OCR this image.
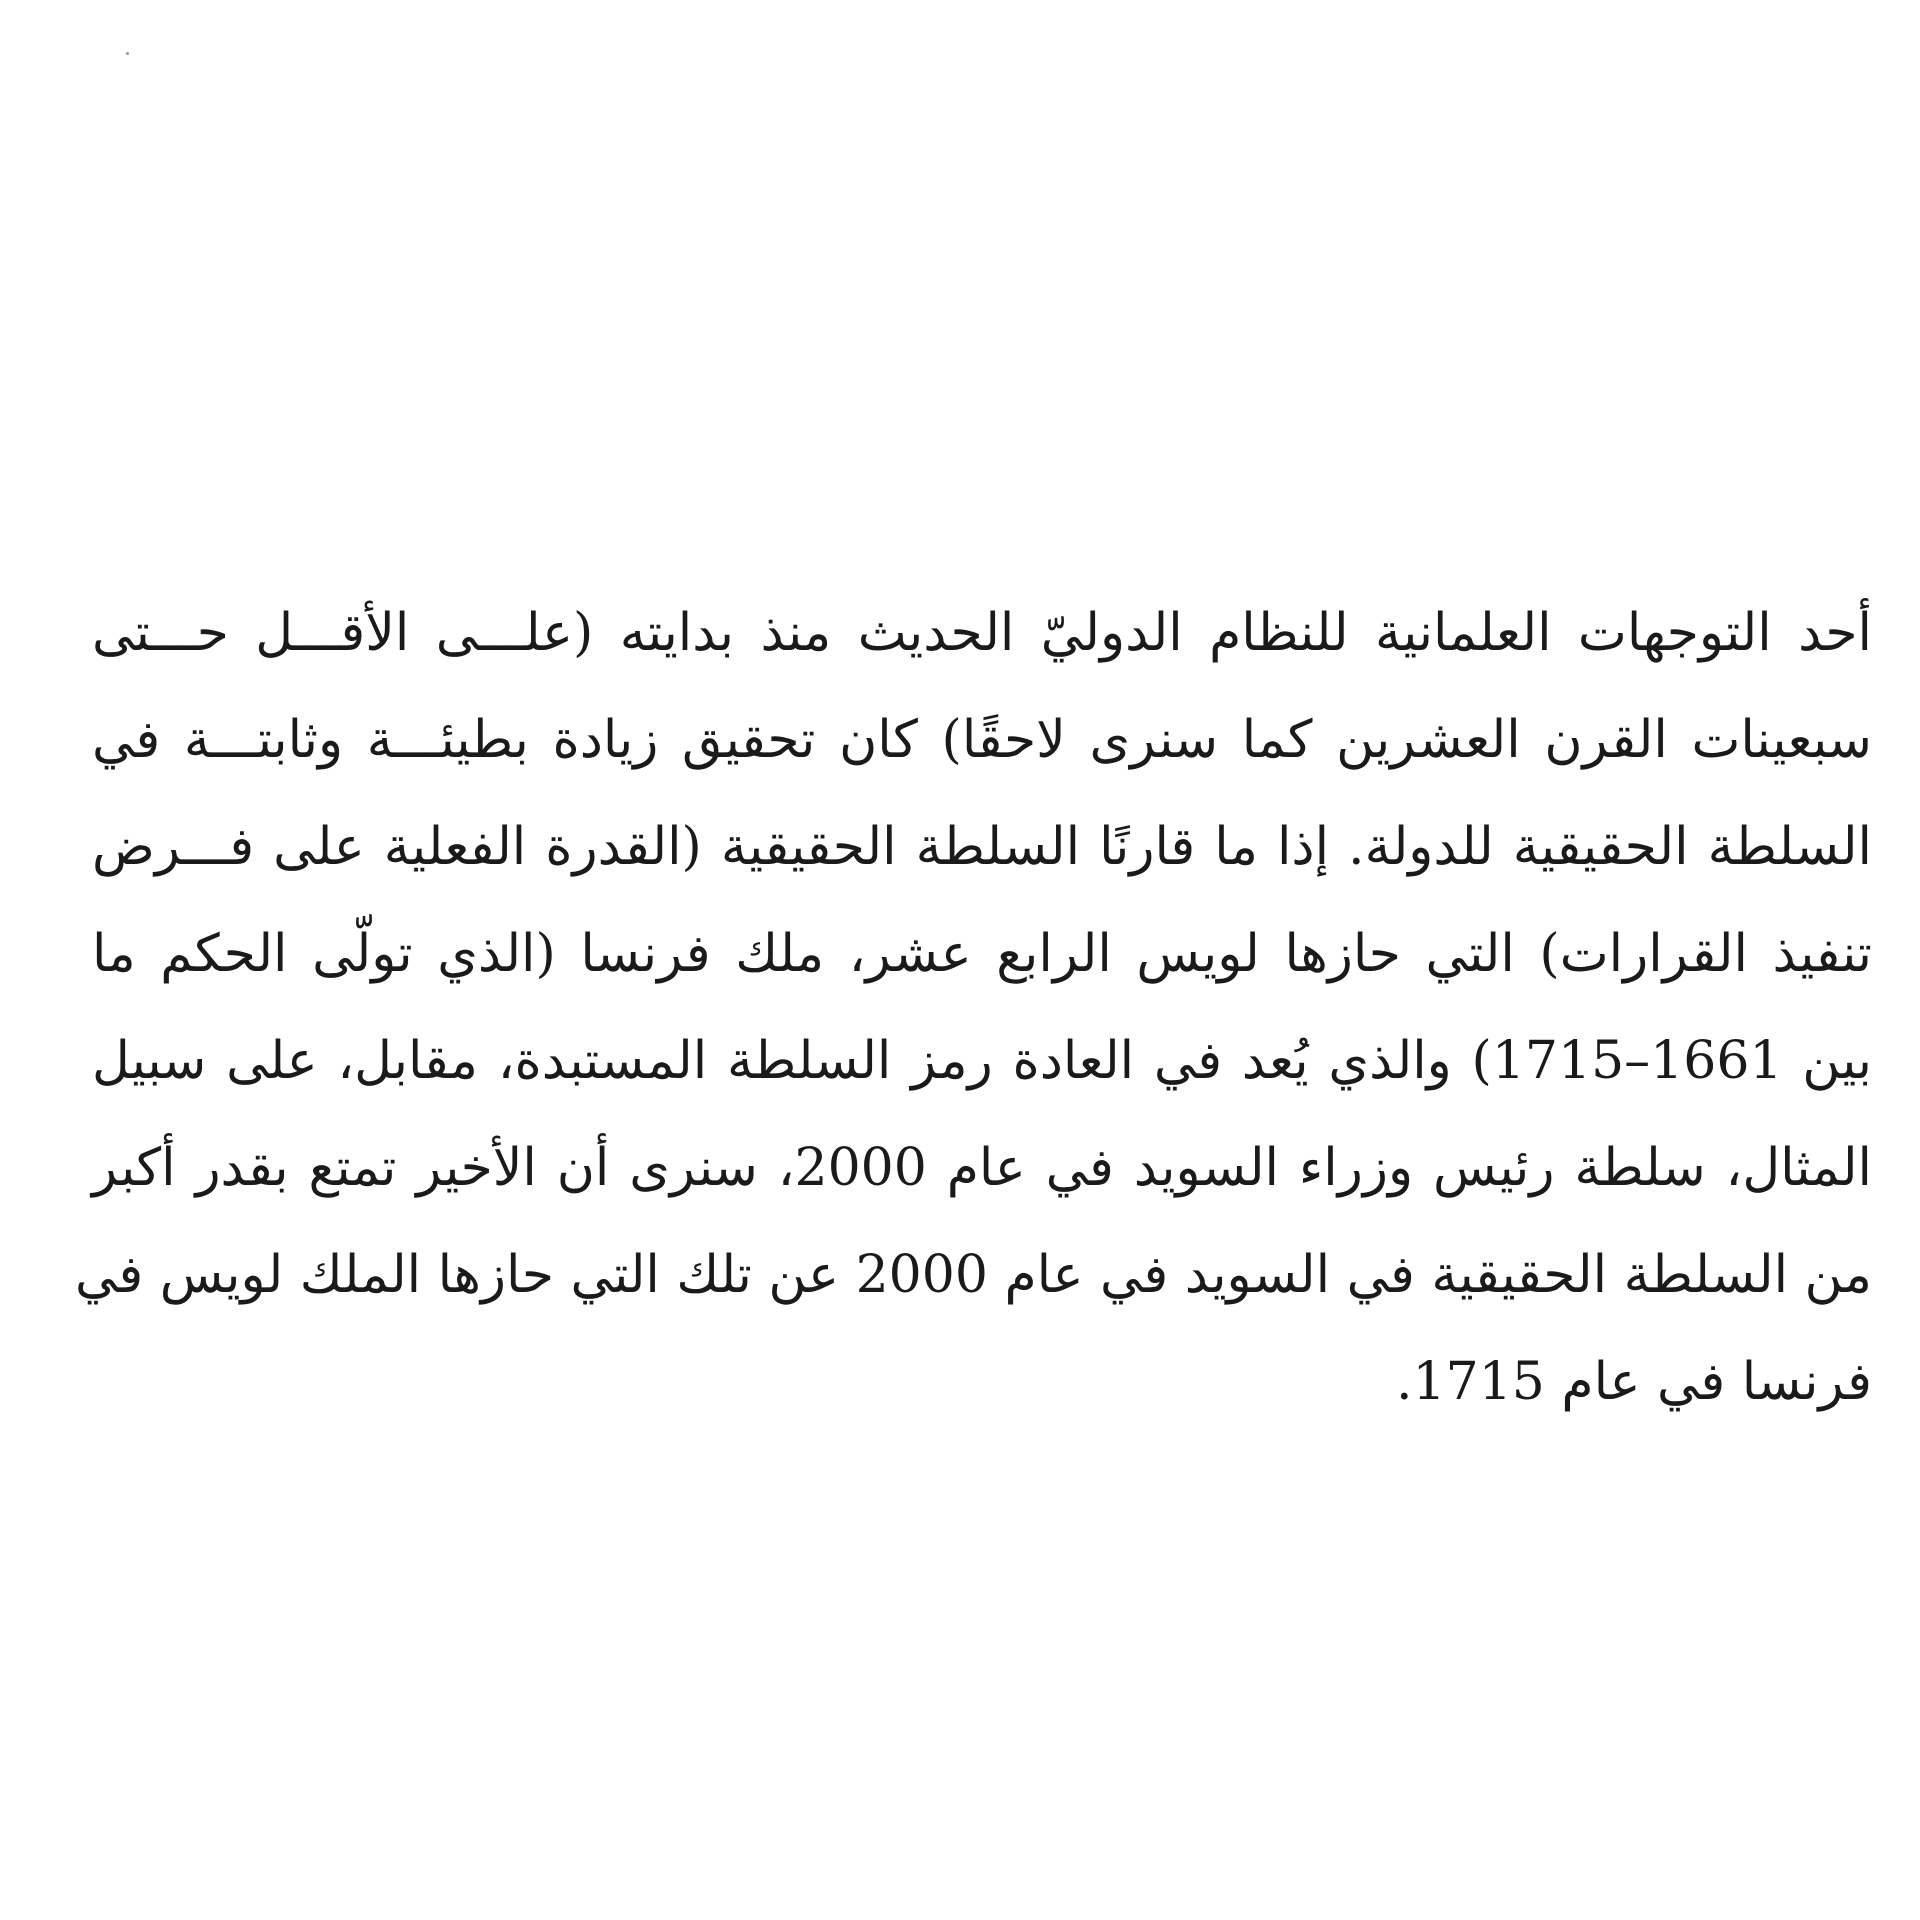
أحد التوجهات العلمانية للنظام الدوليّ الحديث منذ بدايته (علـــى الأقـــل حـــتى
سبعينات القرن العشرين كما سنرى لاحقًا) كان تحقيق زيادة بطيئـــة وثابتـــة في
السلطة الحقيقية للدولة. إذا ما قارنًا السلطة الحقيقية (القدرة الفعلية على فـــرض
تنفيذ القرارات) التي حازها لويس الرابع عشر، ملك فرنسا (الذي تولّى الحكم ما
بين 1661–1715) والذي يُعد في العادة رمز السلطة المستبدة، مقابل، على سبيل
المثال، سلطة رئيس وزراء السويد في عام 2000، سنرى أن الأخير تمتع بقدر أكبر
من السلطة الحقيقية في السويد في عام 2000 عن تلك التي حازها الملك لويس في
فرنسا في عام 1715.
